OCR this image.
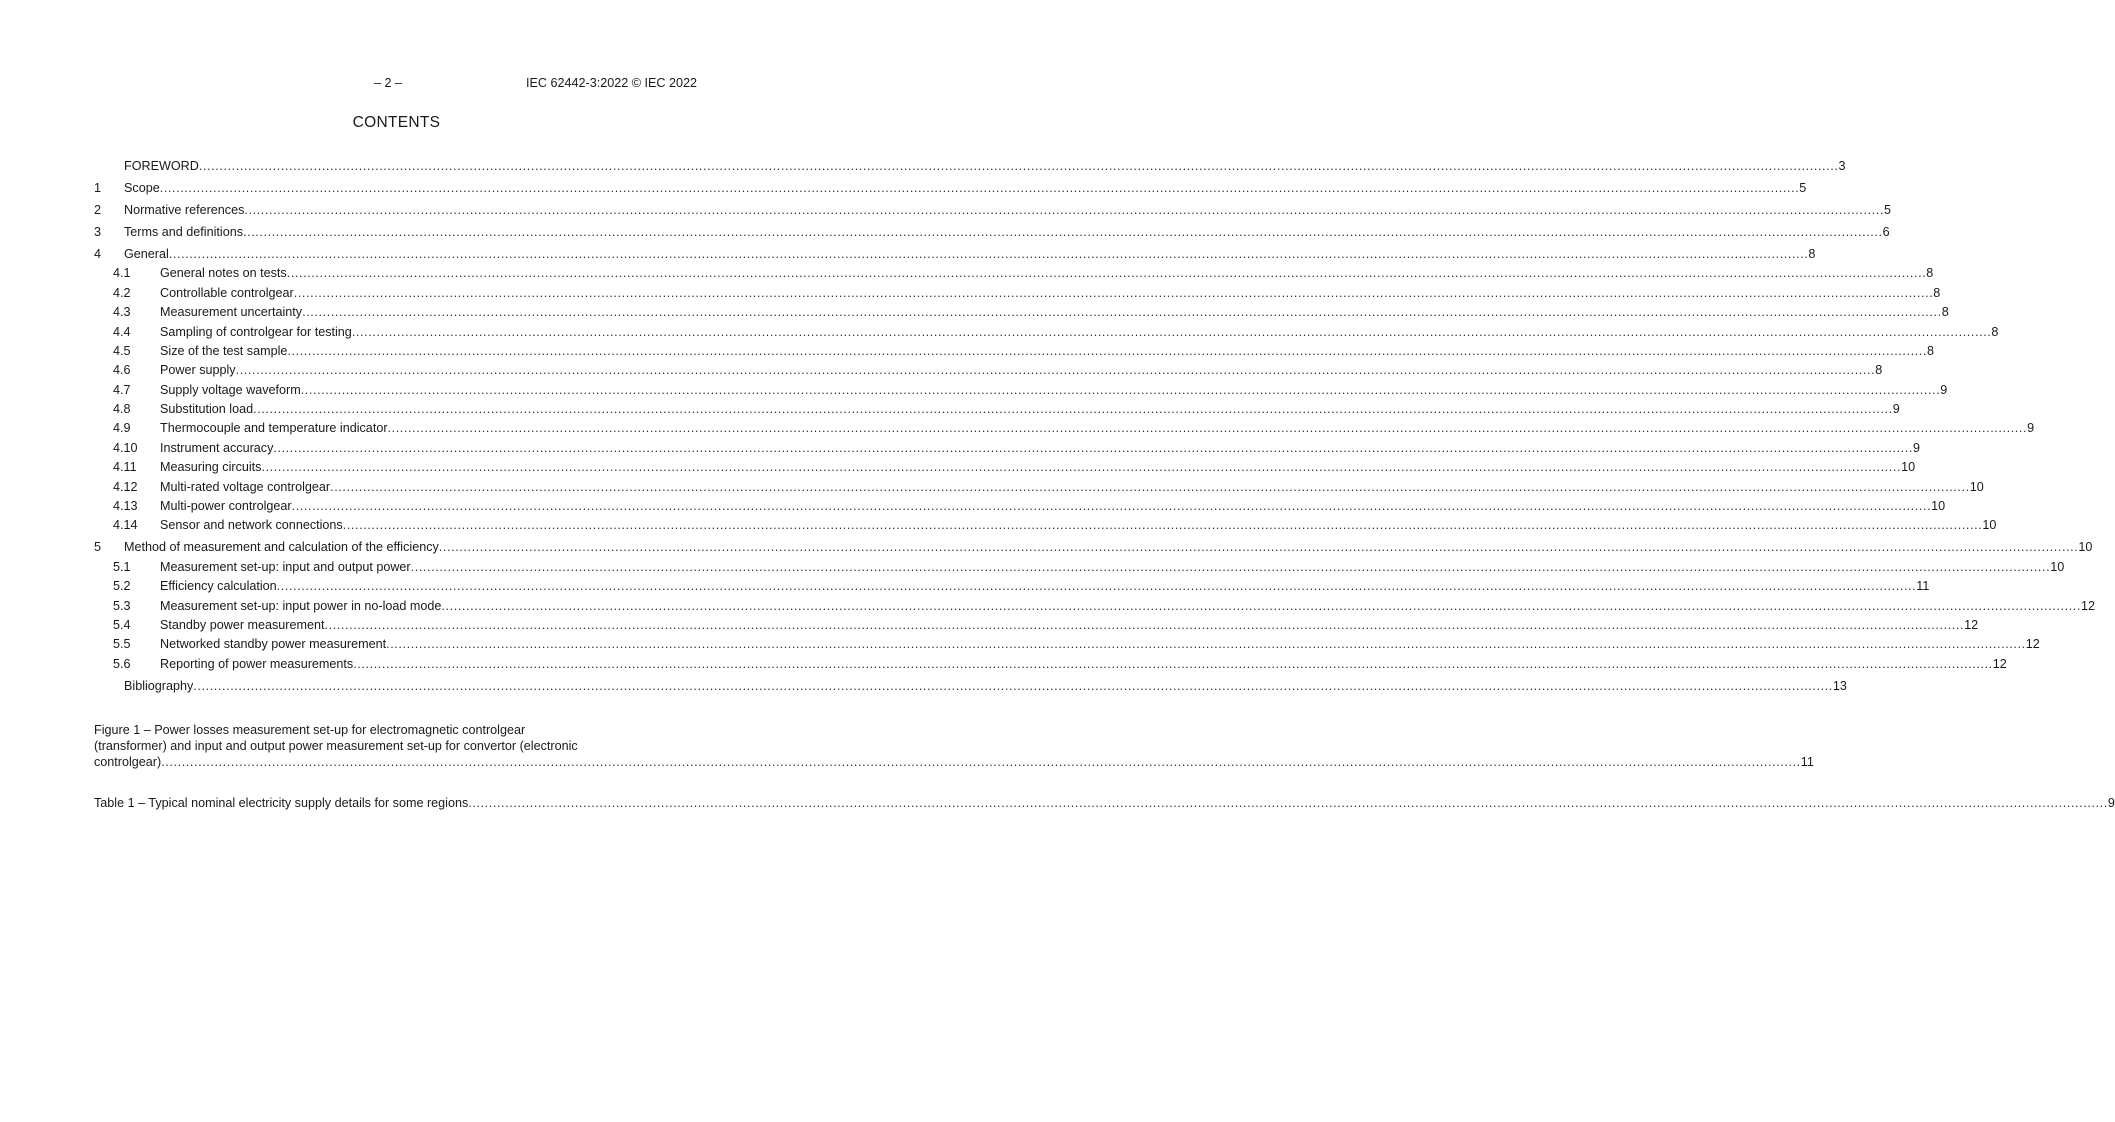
– 2 –	IEC 62442-3:2022 © IEC 2022
CONTENTS
FOREWORD ................................................................................................................................................................................................................................................................................................................................................................................................................ 3
1	Scope ................................................................................................................................................................................................................................................................................................................................................................................................................ 5
2	Normative references ................................................................................................................................................................................................................................................................................................................................................................................................................ 5
3	Terms and definitions ................................................................................................................................................................................................................................................................................................................................................................................................................ 6
4	General ................................................................................................................................................................................................................................................................................................................................................................................................................ 8
4.1	General notes on tests ................................................................................................................................................................................................................................................................................................................................................................................................................ 8
4.2	Controllable controlgear ................................................................................................................................................................................................................................................................................................................................................................................................................ 8
4.3	Measurement uncertainty ................................................................................................................................................................................................................................................................................................................................................................................................................ 8
4.4	Sampling of controlgear for testing ................................................................................................................................................................................................................................................................................................................................................................................................................ 8
4.5	Size of the test sample ................................................................................................................................................................................................................................................................................................................................................................................................................ 8
4.6	Power supply ................................................................................................................................................................................................................................................................................................................................................................................................................ 8
4.7	Supply voltage waveform ................................................................................................................................................................................................................................................................................................................................................................................................................ 9
4.8	Substitution load ................................................................................................................................................................................................................................................................................................................................................................................................................ 9
4.9	Thermocouple and temperature indicator ................................................................................................................................................................................................................................................................................................................................................................................................................ 9
4.10	Instrument accuracy ................................................................................................................................................................................................................................................................................................................................................................................................................ 9
4.11	Measuring circuits ................................................................................................................................................................................................................................................................................................................................................................................................................ 10
4.12	Multi-rated voltage controlgear ................................................................................................................................................................................................................................................................................................................................................................................................................ 10
4.13	Multi-power controlgear ................................................................................................................................................................................................................................................................................................................................................................................................................ 10
4.14	Sensor and network connections ................................................................................................................................................................................................................................................................................................................................................................................................................ 10
5	Method of measurement and calculation of the efficiency ................................................................................................................................................................................................................................................................................................................................................................................................................ 10
5.1	Measurement set-up: input and output power ................................................................................................................................................................................................................................................................................................................................................................................................................ 10
5.2	Efficiency calculation ................................................................................................................................................................................................................................................................................................................................................................................................................ 11
5.3	Measurement set-up: input power in no-load mode ................................................................................................................................................................................................................................................................................................................................................................................................................ 12
5.4	Standby power measurement ................................................................................................................................................................................................................................................................................................................................................................................................................ 12
5.5	Networked standby power measurement ................................................................................................................................................................................................................................................................................................................................................................................................................ 12
5.6	Reporting of power measurements ................................................................................................................................................................................................................................................................................................................................................................................................................ 12
Bibliography ................................................................................................................................................................................................................................................................................................................................................................................................................ 13
Figure 1 – Power losses measurement set-up for electromagnetic controlgear
(transformer) and input and output power measurement set-up for convertor (electronic
controlgear) ................................................................................................................................................................................................................................................................................................................................................................................................................ 11
Table 1 – Typical nominal electricity supply details for some regions ................................................................................................................................................................................................................................................................................................................................................................................................................ 9
